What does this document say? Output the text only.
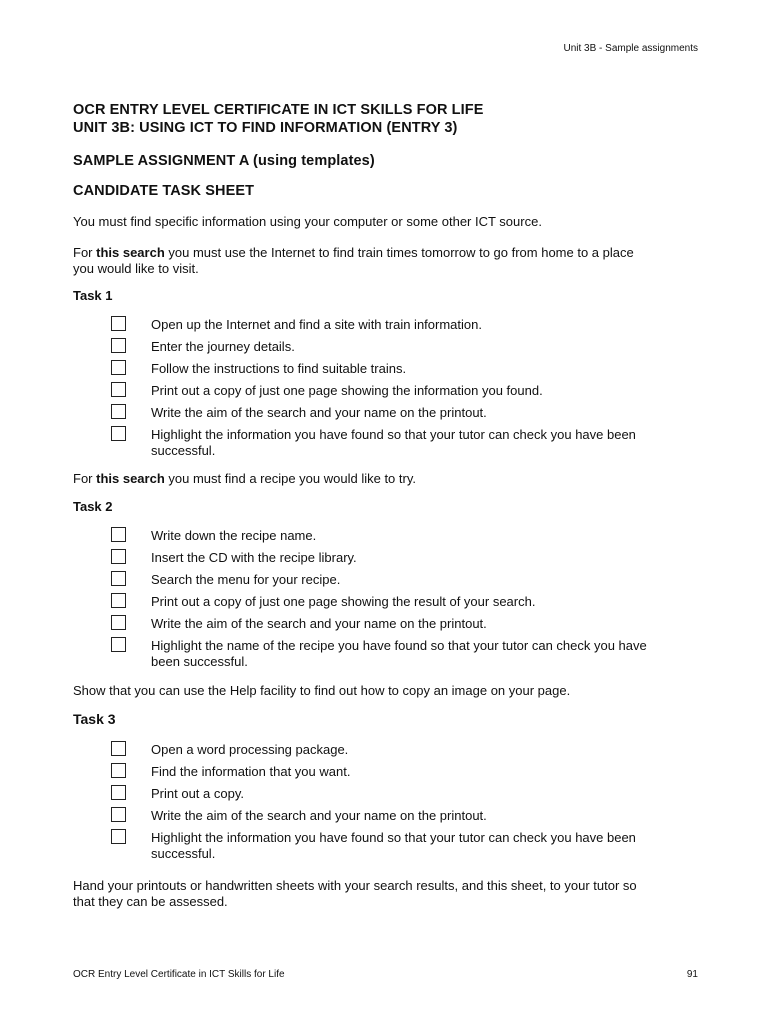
Unit 3B - Sample assignments
OCR ENTRY LEVEL CERTIFICATE IN ICT SKILLS FOR LIFE
UNIT 3B: USING ICT TO FIND INFORMATION (ENTRY 3)
SAMPLE ASSIGNMENT A (using templates)
CANDIDATE TASK SHEET
You must find specific information using your computer or some other ICT source.
For this search you must use the Internet to find train times tomorrow to go from home to a place
you would like to visit.
Task 1
Open up the Internet and find a site with train information.
Enter the journey details.
Follow the instructions to find suitable trains.
Print out a copy of just one page showing the information you found.
Write the aim of the search and your name on the printout.
Highlight the information you have found so that your tutor can check you have been
successful.
For this search you must find a recipe you would like to try.
Task 2
Write down the recipe name.
Insert the CD with the recipe library.
Search the menu for your recipe.
Print out a copy of just one page showing the result of your search.
Write the aim of the search and your name on the printout.
Highlight the name of the recipe you have found so that your tutor can check you have
been successful.
Show that you can use the Help facility to find out how to copy an image on your page.
Task 3
Open a word processing package.
Find the information that you want.
Print out a copy.
Write the aim of the search and your name on the printout.
Highlight the information you have found so that your tutor can check you have been
successful.
Hand your printouts or handwritten sheets with your search results, and this sheet, to your tutor so
that they can be assessed.
OCR Entry Level Certificate in ICT Skills for Life	91
